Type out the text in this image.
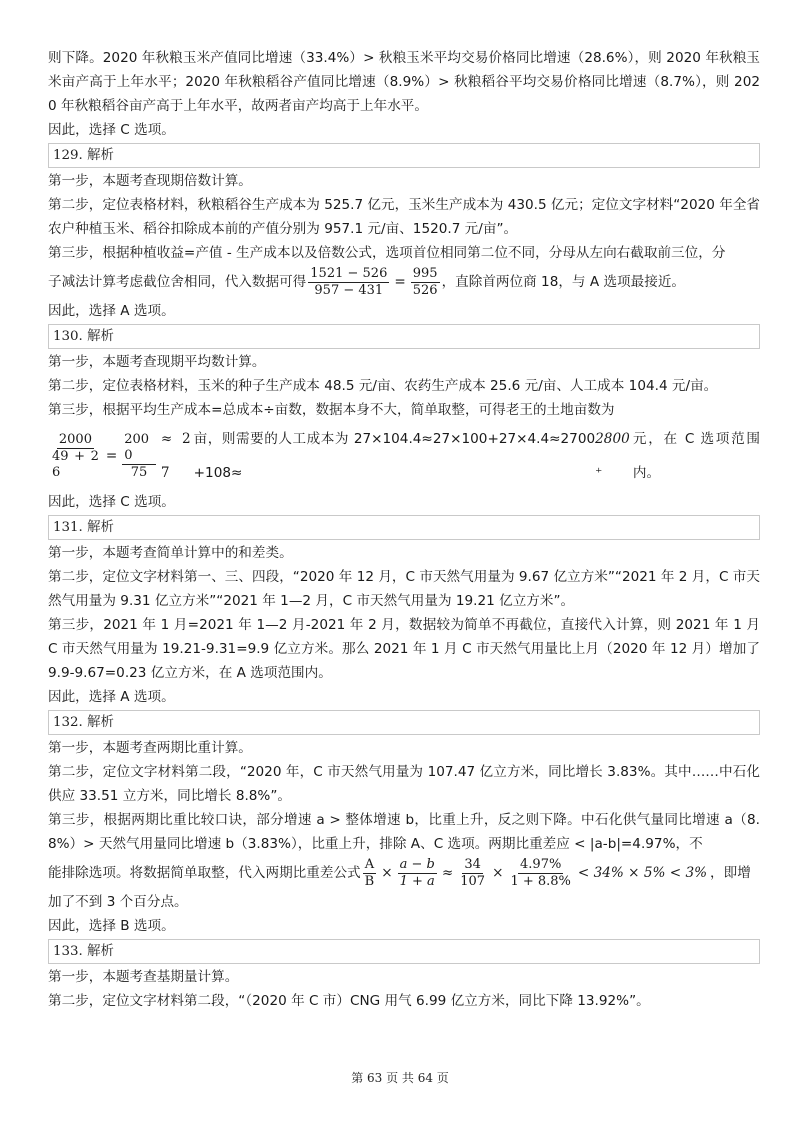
则下降。2020 年秋粮玉米产值同比增速（33.4%）> 秋粮玉米平均交易价格同比增速（28.6%），则 2020 年秋粮玉米亩产高于上年水平；2020 年秋粮稻谷产值同比增速（8.9%）> 秋粮稻谷平均交易价格同比增速（8.7%），则 2020 年秋粮稻谷亩产高于上年水平，故两者亩产均高于上年水平。

因此，选择 C 选项。

129. 解析

第一步，本题考查现期倍数计算。

第二步，定位表格材料，秋粮稻谷生产成本为 525.7 亿元，玉米生产成本为 430.5 亿元；定位文字材料“2020 年全省农户种植玉米、稻谷扣除成本前的产值分别为 957.1 元/亩、1520.7 元/亩”。

第三步，根据种植收益=产值 - 生产成本以及倍数公式，选项首位相同第二位不同，分母从左向右截取前三位，分

子减法计算考虑截位舍相同，代入数据可得 $\frac{1521 - 526}{957 - 431} = \frac{995}{526}$ ，直除首两位商 18，与 A 选项最接近。

因此，选择 A 选项。

130. 解析

第一步，本题考查现期平均数计算。

第二步，定位表格材料，玉米的种子生产成本 48.5 元/亩、农药生产成本 25.6 元/亩、人工成本 104.4 元/亩。

第三步，根据平均生产成本=总成本÷亩数，数据本身不大，简单取整，可得老王的土地亩数为

$\frac{2000}{49 + 26} = \frac{2000}{75} \approx 27$
亩，则需要的人工成本为 27×104.4≈27×100+27×4.4≈2700+108≈
2800⁺
元，在 C 选项范围内。

因此，选择 C 选项。

131. 解析

第一步，本题考查简单计算中的和差类。

第二步，定位文字材料第一、三、四段，“2020 年 12 月，C 市天然气用量为 9.67 亿立方米”“2021 年 2 月，C 市天然气用量为 9.31 亿立方米”“2021 年 1—2 月，C 市天然气用量为 19.21 亿立方米”。

第三步，2021 年 1 月=2021 年 1—2 月-2021 年 2 月，数据较为简单不再截位，直接代入计算，则 2021 年 1 月 C 市天然气用量为 19.21-9.31=9.9 亿立方米。那么 2021 年 1 月 C 市天然气用量比上月（2020 年 12 月）增加了 9.9-9.67=0.23 亿立方米，在 A 选项范围内。

因此，选择 A 选项。

132. 解析

第一步，本题考查两期比重计算。

第二步，定位文字材料第二段，“2020 年，C 市天然气用量为 107.47 亿立方米，同比增长 3.83%。其中……中石化供应 33.51 立方米，同比增长 8.8%”。

第三步，根据两期比重比较口诀，部分增速 a > 整体增速 b，比重上升，反之则下降。中石化供气量同比增速 a（8.8%）> 天然气用量同比增速 b（3.83%），比重上升，排除 A、C 选项。两期比重差应 < |a-b|=4.97%，不

能排除选项。将数据简单取整，代入两期比重差公式 $\frac{A}{B} \times \frac{a - b}{1 + a} \approx \frac{34}{107} \times \frac{4.97\%}{1 + 8.8\%} < 34\% \times 5\% < 3\%$ ，即增

加了不到 3 个百分点。

因此，选择 B 选项。

133. 解析

第一步，本题考查基期量计算。

第二步，定位文字材料第二段，“（2020 年 C 市）CNG 用气 6.99 亿立方米，同比下降 13.92%”。

第 63 页 共 64 页
